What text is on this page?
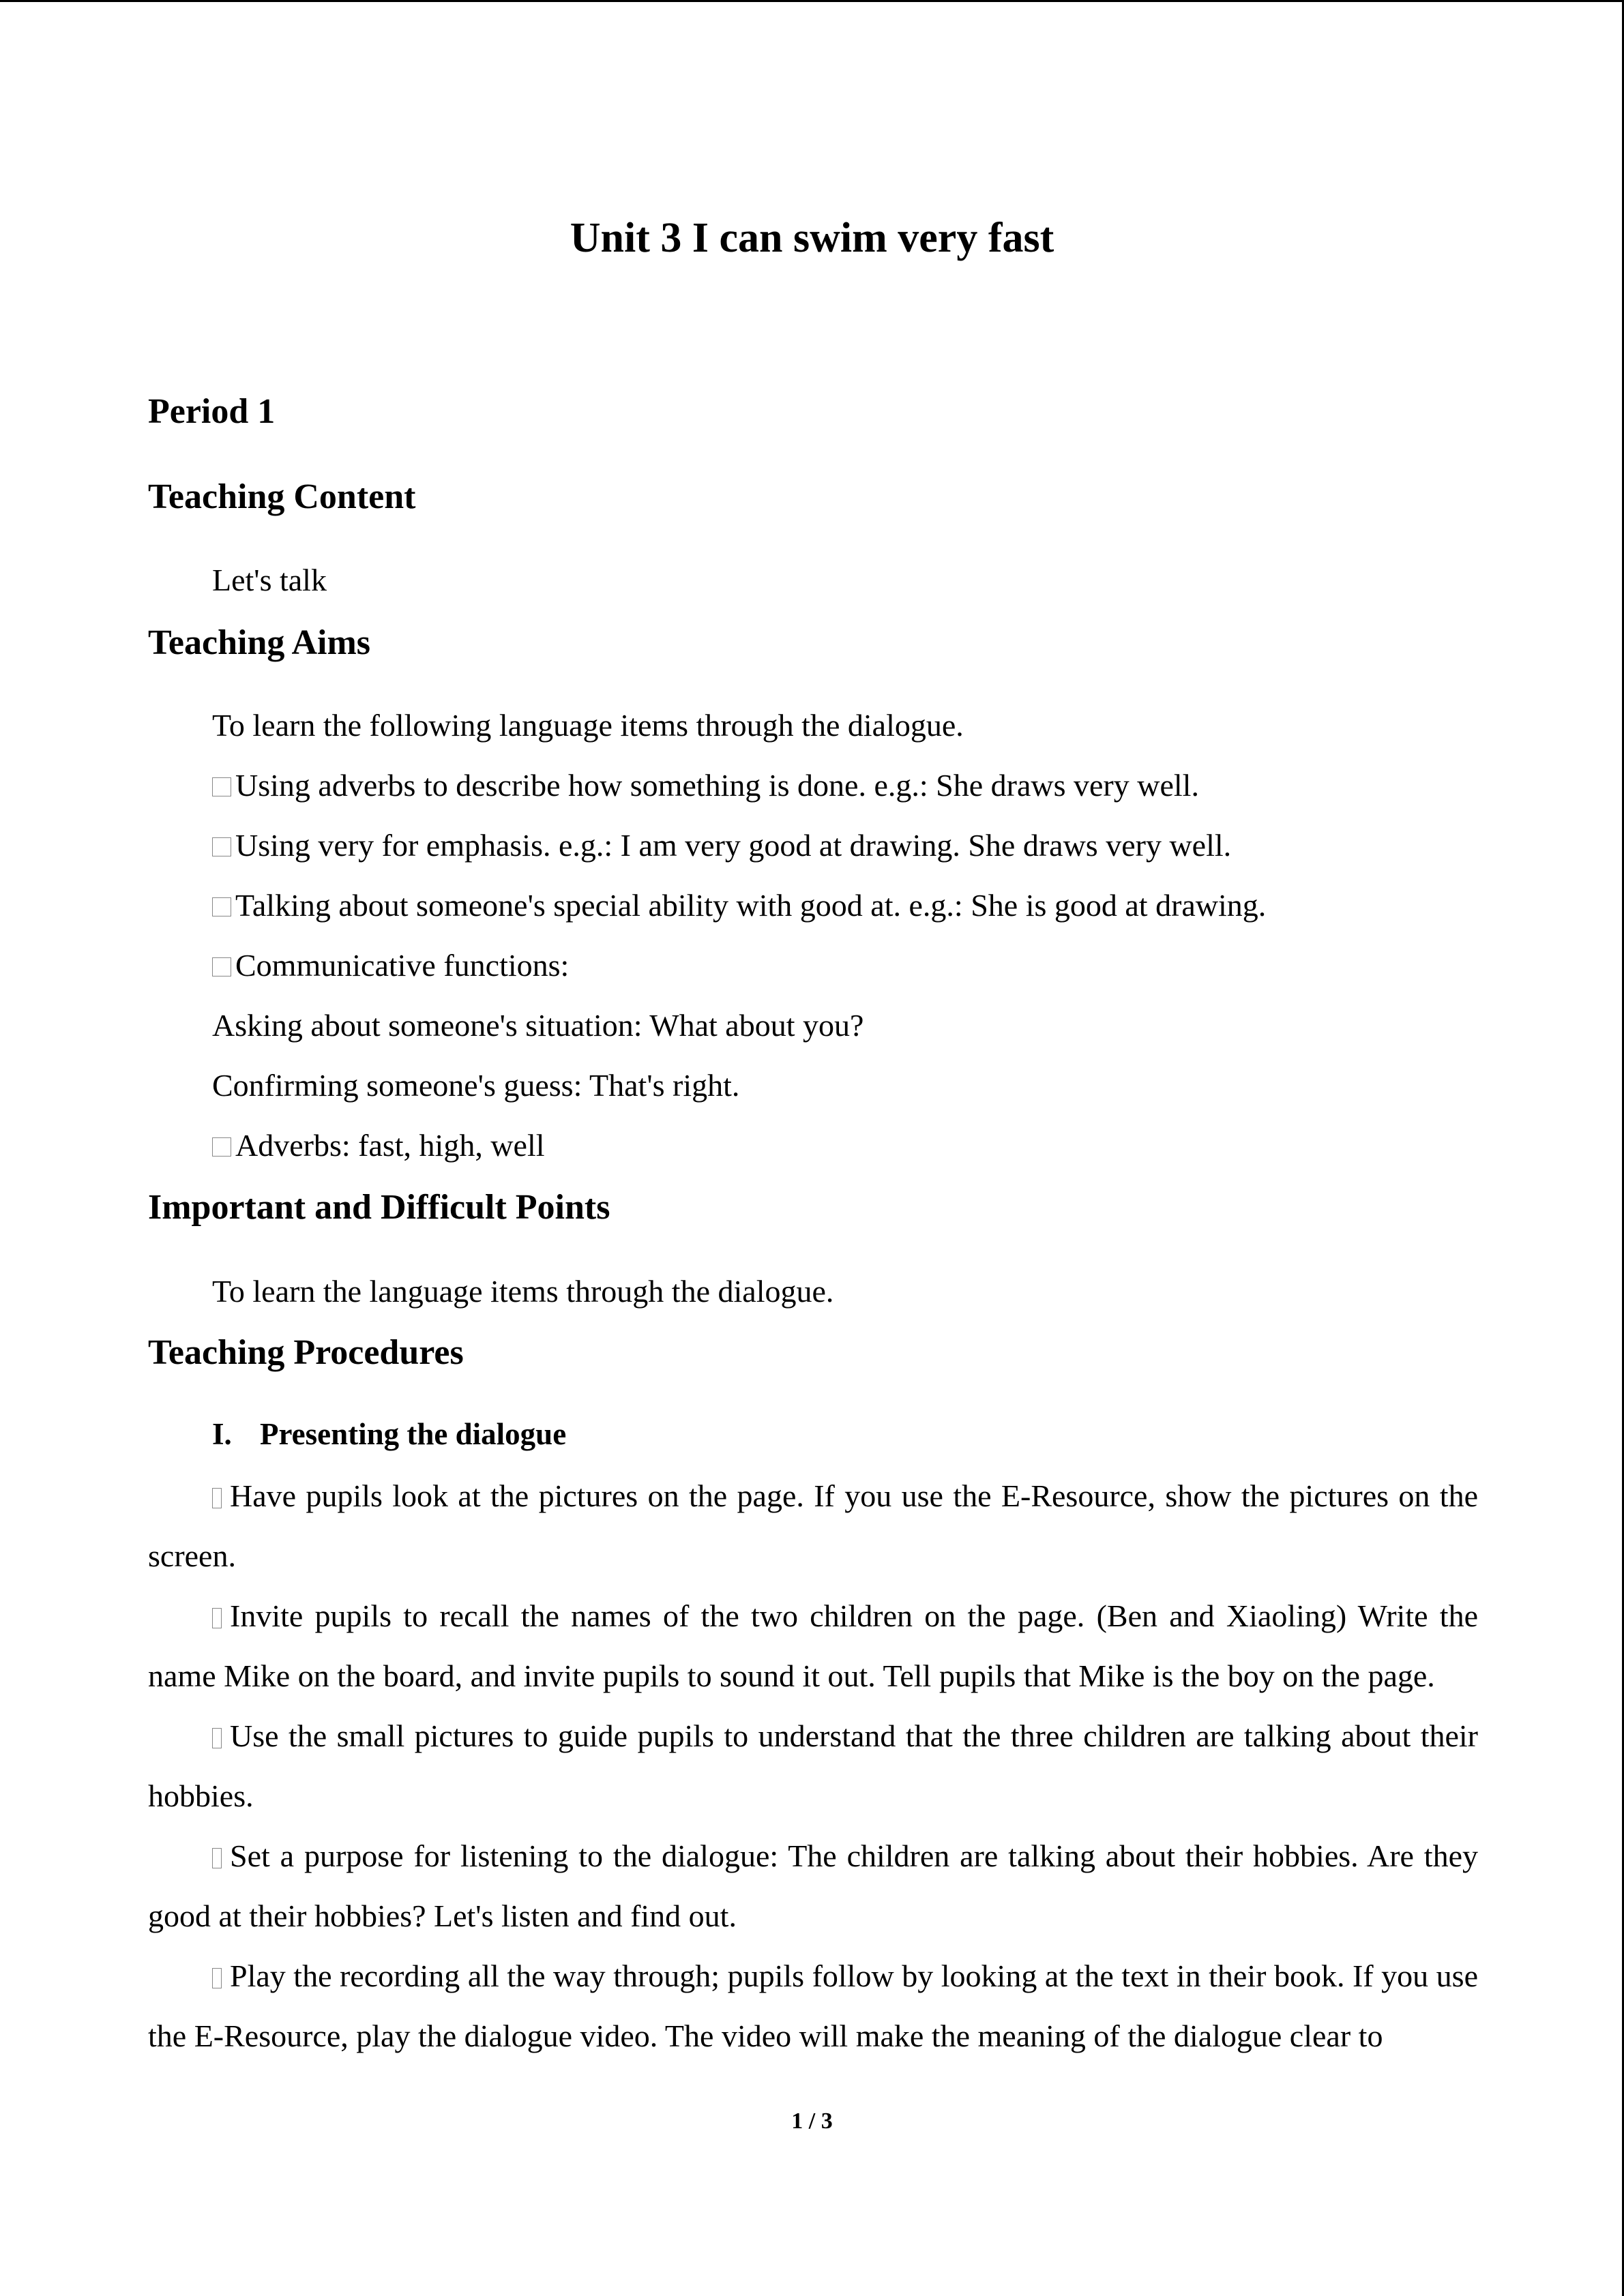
Unit 3 I can swim very fast
Period 1
Teaching Content
Let's talk
Teaching Aims
To learn the following language items through the dialogue.
Using adverbs to describe how something is done. e.g.: She draws very well.
Using very for emphasis. e.g.: I am very good at drawing. She draws very well.
Talking about someone's special ability with good at. e.g.: She is good at drawing.
Communicative functions:
Asking about someone's situation: What about you?
Confirming someone's guess: That's right.
Adverbs: fast, high, well
Important and Difficult Points
To learn the language items through the dialogue.
Teaching Procedures
I. Presenting the dialogue
Have pupils look at the pictures on the page. If you use the E-Resource, show the pictures on the screen.
Invite pupils to recall the names of the two children on the page. (Ben and Xiaoling) Write the name Mike on the board, and invite pupils to sound it out. Tell pupils that Mike is the boy on the page.
Use the small pictures to guide pupils to understand that the three children are talking about their hobbies.
Set a purpose for listening to the dialogue: The children are talking about their hobbies. Are they good at their hobbies? Let's listen and find out.
Play the recording all the way through; pupils follow by looking at the text in their book. If you use the E-Resource, play the dialogue video. The video will make the meaning of the dialogue clear to
1 / 3
